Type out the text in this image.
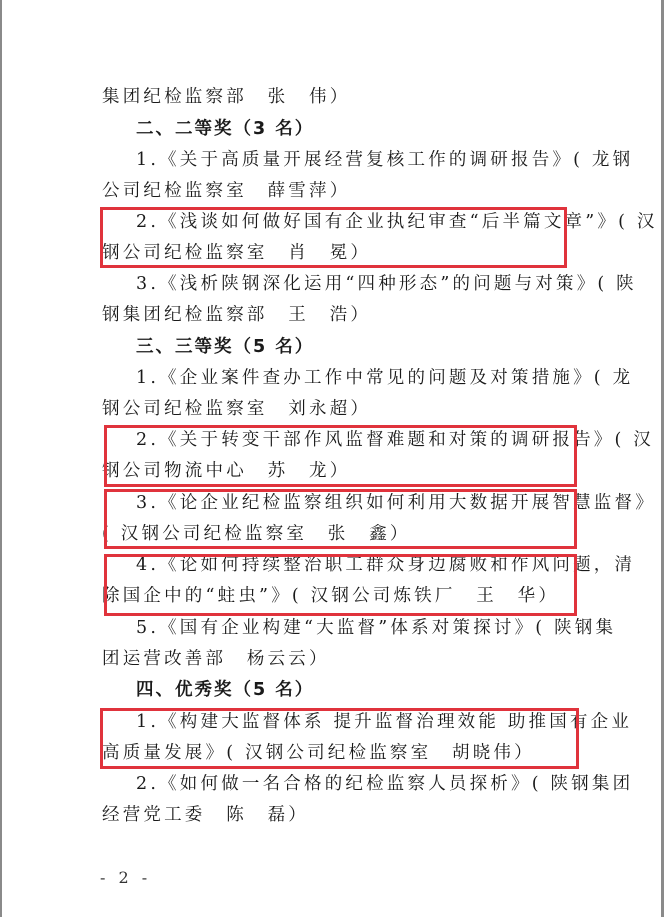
集团纪检监察部　张　伟）
二、二等奖（3 名）
1.《关于高质量开展经营复核工作的调研报告》( 龙钢
公司纪检监察室　薛雪萍）
2.《浅谈如何做好国有企业执纪审查“后半篇文章”》( 汉
钢公司纪检监察室　肖　冕）
3.《浅析陕钢深化运用“四种形态”的问题与对策》( 陕
钢集团纪检监察部　王　浩）
三、三等奖（5 名）
1.《企业案件查办工作中常见的问题及对策措施》( 龙
钢公司纪检监察室　刘永超）
2.《关于转变干部作风监督难题和对策的调研报告》( 汉
钢公司物流中心　苏　龙）
3.《论企业纪检监察组织如何利用大数据开展智慧监督》
( 汉钢公司纪检监察室　张　鑫）
4.《论如何持续整治职工群众身边腐败和作风问题，清
除国企中的“蛀虫”》( 汉钢公司炼铁厂　王　华）
5.《国有企业构建“大监督”体系对策探讨》( 陕钢集
团运营改善部　杨云云）
四、优秀奖（5 名）
1.《构建大监督体系 提升监督治理效能 助推国有企业
高质量发展》( 汉钢公司纪检监察室　胡晓伟）
2.《如何做一名合格的纪检监察人员探析》( 陕钢集团
经营党工委　陈　磊）
- 2 -
